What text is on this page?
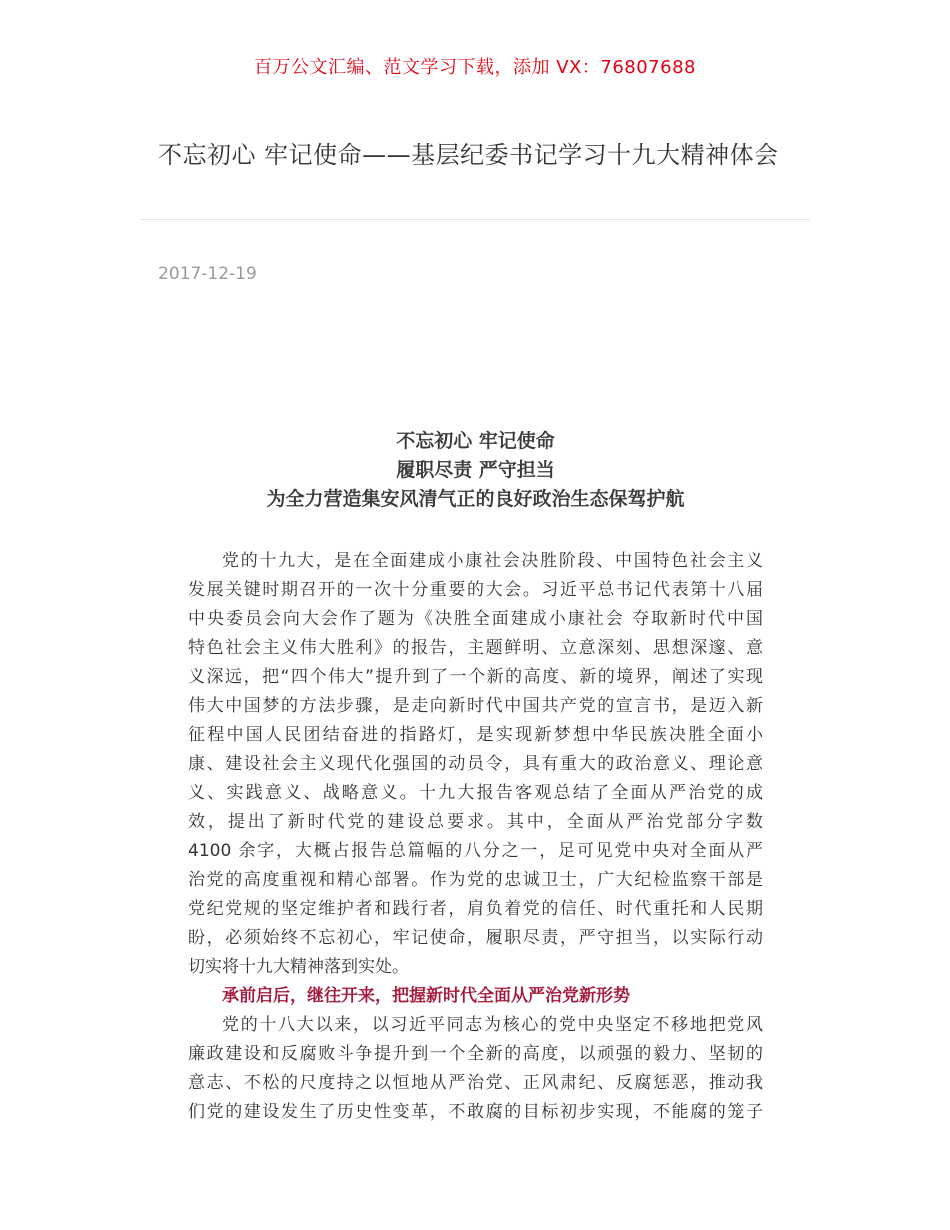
百万公文汇编、范文学习下载，添加 VX：76807688
不忘初心 牢记使命——基层纪委书记学习十九大精神体会
2017-12-19
不忘初心 牢记使命
履职尽责 严守担当
为全力营造集安风清气正的良好政治生态保驾护航
党的十九大，是在全面建成小康社会决胜阶段、中国特色社会主义
发展关键时期召开的一次十分重要的大会。习近平总书记代表第十八届
中央委员会向大会作了题为《决胜全面建成小康社会 夺取新时代中国
特色社会主义伟大胜利》的报告，主题鲜明、立意深刻、思想深邃、意
义深远，把“四个伟大”提升到了一个新的高度、新的境界，阐述了实现
伟大中国梦的方法步骤，是走向新时代中国共产党的宣言书，是迈入新
征程中国人民团结奋进的指路灯，是实现新梦想中华民族决胜全面小
康、建设社会主义现代化强国的动员令，具有重大的政治意义、理论意
义、实践意义、战略意义。十九大报告客观总结了全面从严治党的成
效，提出了新时代党的建设总要求。其中，全面从严治党部分字数
4100 余字，大概占报告总篇幅的八分之一，足可见党中央对全面从严
治党的高度重视和精心部署。作为党的忠诚卫士，广大纪检监察干部是
党纪党规的坚定维护者和践行者，肩负着党的信任、时代重托和人民期
盼，必须始终不忘初心，牢记使命，履职尽责，严守担当，以实际行动
切实将十九大精神落到实处。
承前启后，继往开来，把握新时代全面从严治党新形势
党的十八大以来，以习近平同志为核心的党中央坚定不移地把党风
廉政建设和反腐败斗争提升到一个全新的高度，以顽强的毅力、坚韧的
意志、不松的尺度持之以恒地从严治党、正风肃纪、反腐惩恶，推动我
们党的建设发生了历史性变革，不敢腐的目标初步实现，不能腐的笼子
